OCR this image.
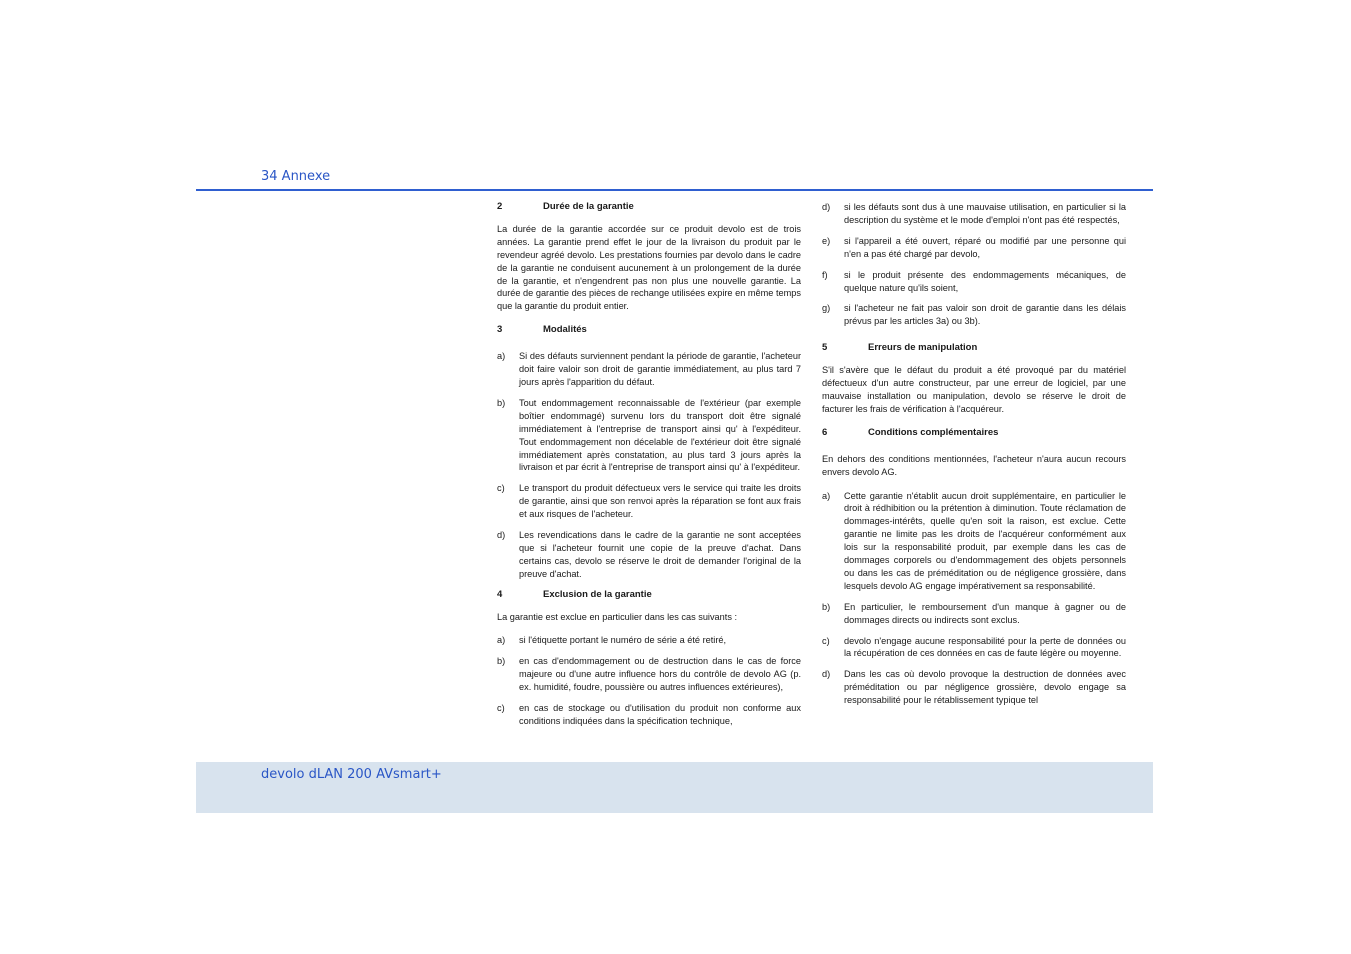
34 Annexe
2	Durée de la garantie
La durée de la garantie accordée sur ce produit devolo est de trois années. La garantie prend effet le jour de la livraison du produit par le revendeur agréé devolo. Les prestations fournies par devolo dans le cadre de la garantie ne conduisent aucunement à un prolongement de la durée de la garantie, et n'engendrent pas non plus une nouvelle garantie. La durée de garantie des pièces de rechange utilisées expire en même temps que la garantie du produit entier.
3	Modalités
a)	Si des défauts surviennent pendant la période de garantie, l'acheteur doit faire valoir son droit de garantie immédiatement, au plus tard 7 jours après l'apparition du défaut.
b)	Tout endommagement reconnaissable de l'extérieur (par exemple boîtier endommagé) survenu lors du transport doit être signalé immédiatement à l'entreprise de transport ainsi qu' à l'expéditeur. Tout endommagement non décelable de l'extérieur doit être signalé immédiatement après constatation, au plus tard 3 jours après la livraison et par écrit à l'entreprise de transport ainsi qu' à l'expéditeur.
c)	Le transport du produit défectueux vers le service qui traite les droits de garantie, ainsi que son renvoi après la réparation se font aux frais et aux risques de l'acheteur.
d)	Les revendications dans le cadre de la garantie ne sont acceptées que si l'acheteur fournit une copie de la preuve d'achat. Dans certains cas, devolo se réserve le droit de demander l'original de la preuve d'achat.
4	Exclusion de la garantie
La garantie est exclue en particulier dans les cas suivants :
a)	si l'étiquette portant le numéro de série a été retiré,
b)	en cas d'endommagement ou de destruction dans le cas de force majeure ou d'une autre influence hors du contrôle de devolo AG (p. ex. humidité, foudre, poussière ou autres influences extérieures),
c)	en cas de stockage ou d'utilisation du produit non conforme aux conditions indiquées dans la spécification technique,
d)	si les défauts sont dus à une mauvaise utilisation, en particulier si la description du système et le mode d'emploi n'ont pas été respectés,
e)	si l'appareil a été ouvert, réparé ou modifié par une personne qui n'en a pas été chargé par devolo,
f)	si le produit présente des endommagements mécaniques, de quelque nature qu'ils soient,
g)	si l'acheteur ne fait pas valoir son droit de garantie dans les délais prévus par les articles 3a) ou 3b).
5	Erreurs de manipulation
S'il s'avère que le défaut du produit a été provoqué par du matériel défectueux d'un autre constructeur, par une erreur de logiciel, par une mauvaise installation ou manipulation, devolo se réserve le droit de facturer les frais de vérification à l'acquéreur.
6	Conditions complémentaires
En dehors des conditions mentionnées, l'acheteur n'aura aucun recours envers devolo AG.
a)	Cette garantie n'établit aucun droit supplémentaire, en particulier le droit à rédhibition ou la prétention à diminution. Toute réclamation de dommages-intérêts, quelle qu'en soit la raison, est exclue. Cette garantie ne limite pas les droits de l'acquéreur conformément aux lois sur la responsabilité produit, par exemple dans les cas de dommages corporels ou d'endommagement des objets personnels ou dans les cas de préméditation ou de négligence grossière, dans lesquels devolo AG engage impérativement sa responsabilité.
b)	En particulier, le remboursement d'un manque à gagner ou de dommages directs ou indirects sont exclus.
c)	devolo n'engage aucune responsabilité pour la perte de données ou la récupération de ces données en cas de faute légère ou moyenne.
d)	Dans les cas où devolo provoque la destruction de données avec préméditation ou par négligence grossière, devolo engage sa responsabilité pour le rétablissement typique tel
devolo dLAN 200 AVsmart+
